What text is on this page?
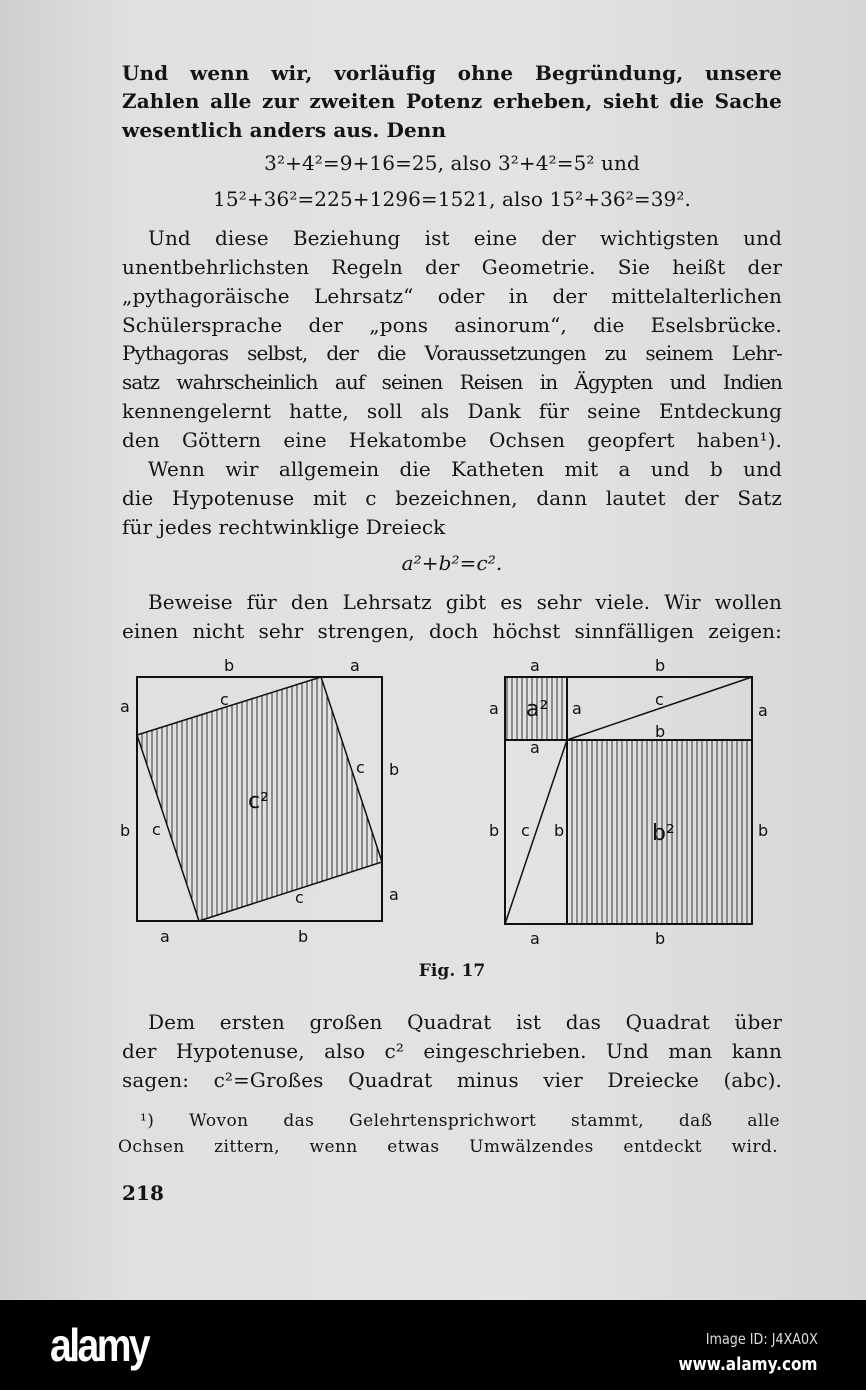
Und wenn wir, vorläufig ohne Begründung, unsere
Zahlen alle zur zweiten Potenz erheben, sieht die Sache
wesentlich anders aus. Denn
3²+4²=9+16=25, also 3²+4²=5² und
15²+36²=225+1296=1521, also 15²+36²=39².
Und diese Beziehung ist eine der wichtigsten und
unentbehrlichsten Regeln der Geometrie. Sie heißt der
„pythagoräische Lehrsatz“ oder in der mittelalterlichen
Schülersprache der „pons asinorum“, die Eselsbrücke.
Pythagoras selbst, der die Voraussetzungen zu seinem Lehr-
satz wahrscheinlich auf seinen Reisen in Ägypten und Indien
kennengelernt hatte, soll als Dank für seine Entdeckung
den Göttern eine Hekatombe Ochsen geopfert haben¹).
Wenn wir allgemein die Katheten mit a und b und
die Hypotenuse mit c bezeichnen, dann lautet der Satz
für jedes rechtwinklige Dreieck
a²+b²=c².
Beweise für den Lehrsatz gibt es sehr viele. Wir wollen
einen nicht sehr strengen, doch höchst sinnfälligen zeigen:
b	a
a
b
b
a
a	b
c
c
c
c
c²
a	b
a
b
a
b
a	b
a
a
c
b
c b
a²
b²
Fig. 17
Dem ersten großen Quadrat ist das Quadrat über
der Hypotenuse, also c² eingeschrieben. Und man kann
sagen: c²=Großes Quadrat minus vier Dreiecke (abc).
¹) Wovon das Gelehrtensprichwort stammt, daß alle
Ochsen zittern, wenn etwas Umwälzendes entdeckt wird.
218
alamy	Image ID: J4XA0X
www.alamy.com
